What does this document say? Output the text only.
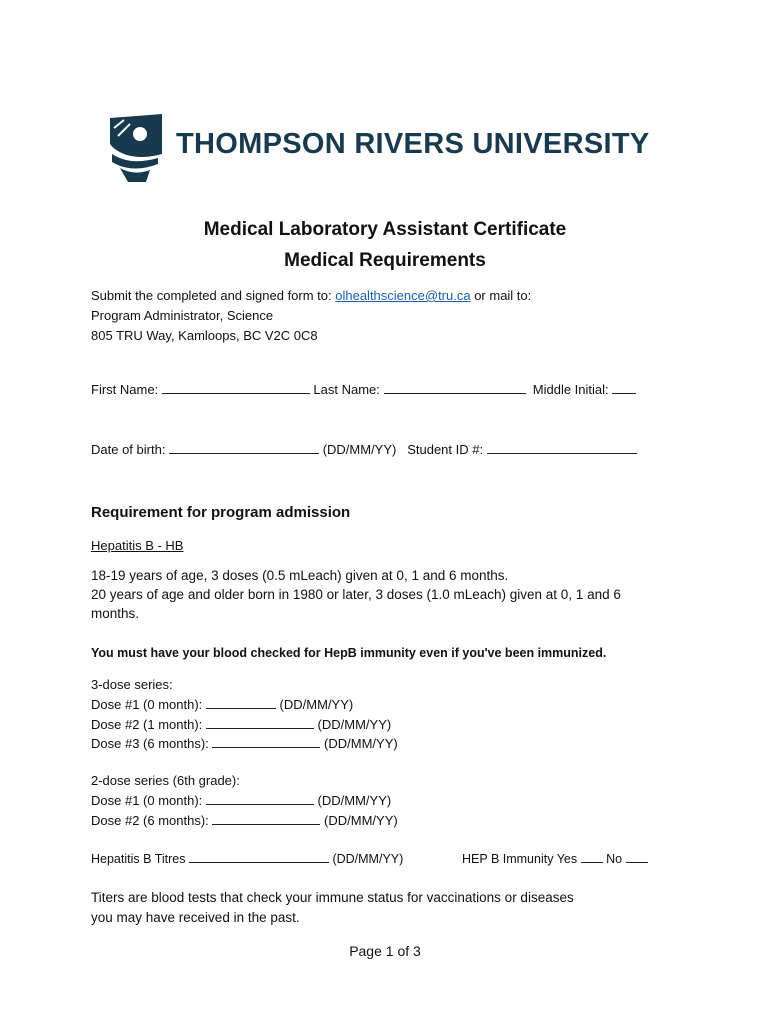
THOMPSON RIVERS UNIVERSITY
Medical Laboratory Assistant Certificate
Medical Requirements
Submit the completed and signed form to: olhealthscience@tru.ca or mail to:
Program Administrator, Science
805 TRU Way, Kamloops, BC V2C 0C8
First Name:	Last Name:	Middle Initial:
Date of birth:	(DD/MM/YY) Student ID #:
Requirement for program admission
Hepatitis B - HB
18-19 years of age, 3 doses (0.5 mLeach) given at 0, 1 and 6 months.
20 years of age and older born in 1980 or later, 3 doses (1.0 mLeach) given at 0, 1 and 6
months.
You must have your blood checked for HepB immunity even if you've been immunized.
3-dose series:
Dose #1 (0 month):	(DD/MM/YY)
Dose #2 (1 month):	(DD/MM/YY)
Dose #3 (6 months):	(DD/MM/YY)
2-dose series (6th grade):
Dose #1 (0 month):	(DD/MM/YY)
Dose #2 (6 months):	(DD/MM/YY)
Hepatitis B Titres	(DD/MM/YY)	HEP B Immunity Yes No
Titers are blood tests that check your immune status for vaccinations or diseases
you may have received in the past.
Page 1 of 3
